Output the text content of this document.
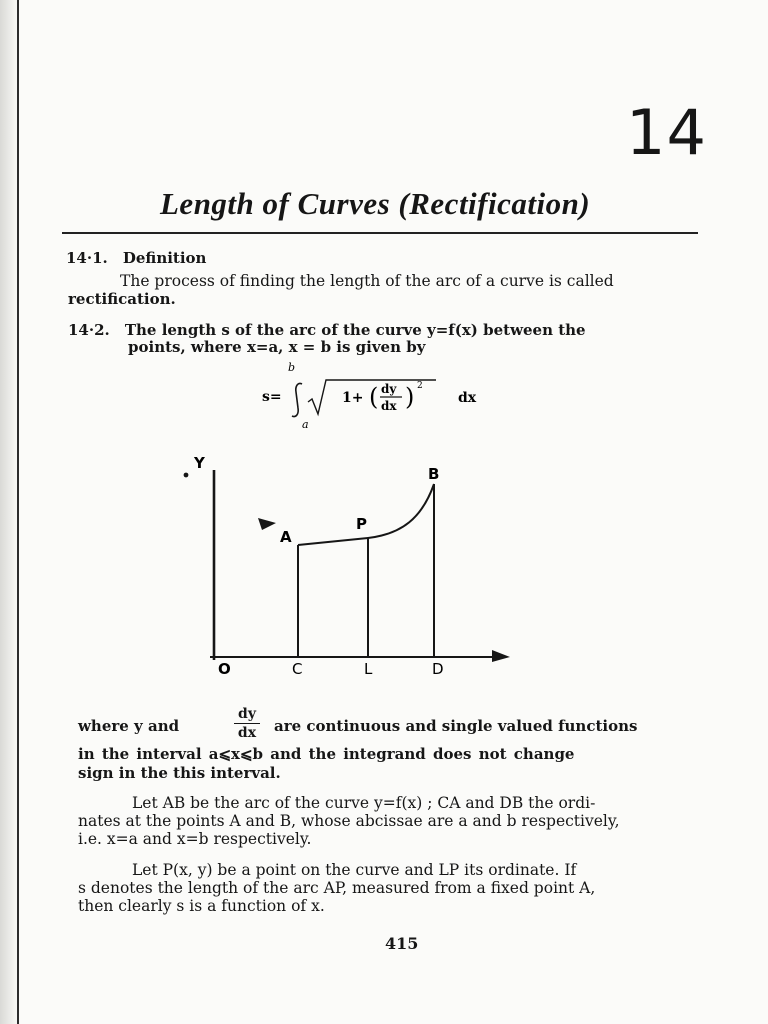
14
Length of Curves (Rectification)
14·1. Definition
The process of finding the length of the arc of a curve is called
rectification.
14·2. The length s of the arc of the curve y=f(x) between the
points, where x=a, x = b is given by
b
s=
a
1+ ( dy
dx ) 2
dx
Y
A
P
B
O	C	L	D
where y and
dy
dx	are continuous and single valued functions
in the interval a⩽x⩽b and the integrand does not change
sign in the this interval.
Let AB be the arc of the curve y=f(x) ; CA and DB the ordi-
nates at the points A and B, whose abcissae are a and b respectively,
i.e. x=a and x=b respectively.
Let P(x, y) be a point on the curve and LP its ordinate. If
s denotes the length of the arc AP, measured from a fixed point A,
then clearly s is a function of x.
415
